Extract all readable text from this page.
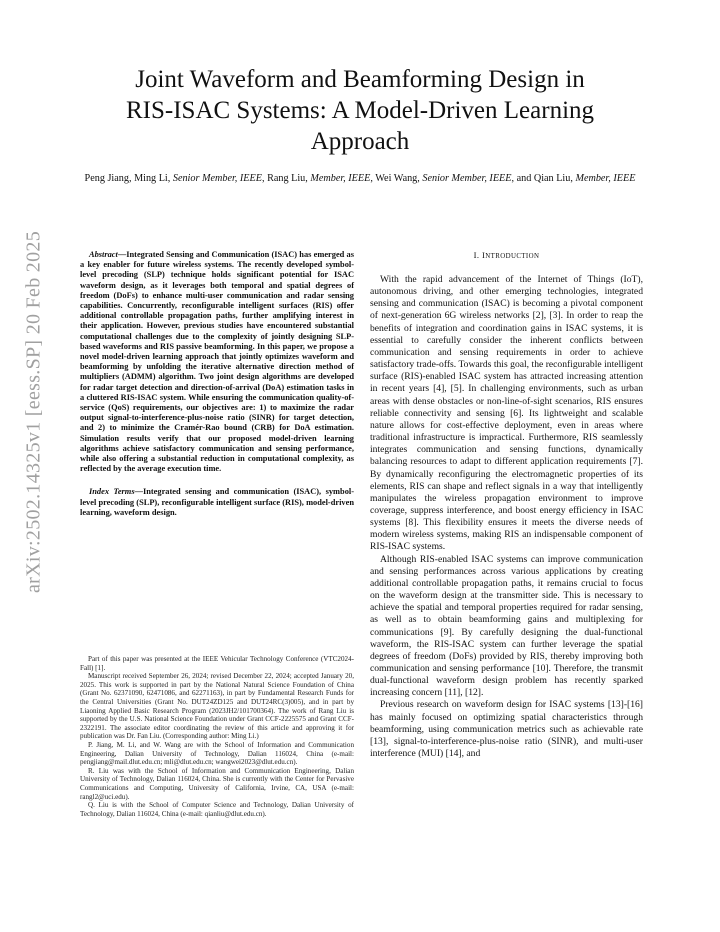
Joint Waveform and Beamforming Design in
RIS-ISAC Systems: A Model-Driven Learning
Approach
Peng Jiang, Ming Li, Senior Member, IEEE, Rang Liu, Member, IEEE, Wei Wang, Senior Member, IEEE, and Qian Liu, Member, IEEE
arXiv:2502.14325v1 [eess.SP] 20 Feb 2025	Abstract—Integrated Sensing and Communication (ISAC) has emerged as a key enabler for future wireless systems. The recently developed symbol-level precoding (SLP) technique holds significant potential for ISAC waveform design, as it leverages both temporal and spatial degrees of freedom (DoFs) to enhance multi-user communication and radar sensing capabilities. Concurrently, reconfigurable intelligent surfaces (RIS) offer additional controllable propagation paths, further amplifying interest in their application. However, previous studies have encountered substantial computational challenges due to the complexity of jointly designing SLP-based waveforms and RIS passive beamforming. In this paper, we propose a novel model-driven learning approach that jointly optimizes waveform and beamforming by unfolding the iterative alternative direction method of multipliers (ADMM) algorithm. Two joint design algorithms are developed for radar target detection and direction-of-arrival (DoA) estimation tasks in a cluttered RIS-ISAC system. While ensuring the communication quality-of-service (QoS) requirements, our objectives are: 1) to maximize the radar output signal-to-interference-plus-noise ratio (SINR) for target detection, and 2) to minimize the Cramér-Rao bound (CRB) for DoA estimation. Simulation results verify that our proposed model-driven learning algorithms achieve satisfactory communication and sensing performance, while also offering a substantial reduction in computational complexity, as reflected by the average execution time.

Index Terms—Integrated sensing and communication (ISAC), symbol-level precoding (SLP), reconfigurable intelligent surface (RIS), model-driven learning, waveform design.

Part of this paper was presented at the IEEE Vehicular Technology Conference (VTC2024-Fall) [1].

Manuscript received September 26, 2024; revised December 22, 2024; accepted January 20, 2025. This work is supported in part by the National Natural Science Foundation of China (Grant No. 62371090, 62471086, and 62271163), in part by Fundamental Research Funds for the Central Universities (Grant No. DUT24ZD125 and DUT24RC(3)005), and in part by Liaoning Applied Basic Research Program (2023JH2/101700364). The work of Rang Liu is supported by the U.S. National Science Foundation under Grant CCF-2225575 and Grant CCF-2322191. The associate editor coordinating the review of this article and approving it for publication was Dr. Fan Liu. (Corresponding author: Ming Li.)

P. Jiang, M. Li, and W. Wang are with the School of Information and Communication Engineering, Dalian University of Technology, Dalian 116024, China (e-mail: pengjiang@mail.dlut.edu.cn; mli@dlut.edu.cn; wangwei2023@dlut.edu.cn).

R. Liu was with the School of Information and Communication Engineering, Dalian University of Technology, Dalian 116024, China. She is currently with the Center for Pervasive Communications and Computing, University of California, Irvine, CA, USA (e-mail: rangl2@uci.edu).

Q. Liu is with the School of Computer Science and Technology, Dalian University of Technology, Dalian 116024, China (e-mail: qianliu@dlut.edu.cn).

I. INTRODUCTION

With the rapid advancement of the Internet of Things (IoT), autonomous driving, and other emerging technologies, integrated sensing and communication (ISAC) is becoming a pivotal component of next-generation 6G wireless networks [2], [3]. In order to reap the benefits of integration and coordination gains in ISAC systems, it is essential to carefully consider the inherent conflicts between communication and sensing requirements in order to achieve satisfactory trade-offs. Towards this goal, the reconfigurable intelligent surface (RIS)-enabled ISAC system has attracted increasing attention in recent years [4], [5]. In challenging environments, such as urban areas with dense obstacles or non-line-of-sight scenarios, RIS ensures reliable connectivity and sensing [6]. Its lightweight and scalable nature allows for cost-effective deployment, even in areas where traditional infrastructure is impractical. Furthermore, RIS seamlessly integrates communication and sensing functions, dynamically balancing resources to adapt to different application requirements [7]. By dynamically reconfiguring the electromagnetic properties of its elements, RIS can shape and reflect signals in a way that intelligently manipulates the wireless propagation environment to improve coverage, suppress interference, and boost energy efficiency in ISAC systems [8]. This flexibility ensures it meets the diverse needs of modern wireless systems, making RIS an indispensable component of RIS-ISAC systems.

Although RIS-enabled ISAC systems can improve communication and sensing performances across various applications by creating additional controllable propagation paths, it remains crucial to focus on the waveform design at the transmitter side. This is necessary to achieve the spatial and temporal properties required for radar sensing, as well as to obtain beamforming gains and multiplexing for communications [9]. By carefully designing the dual-functional waveform, the RIS-ISAC system can further leverage the spatial degrees of freedom (DoFs) provided by RIS, thereby improving both communication and sensing performance [10]. Therefore, the transmit dual-functional waveform design problem has recently sparked increasing concern [11], [12].

Previous research on waveform design for ISAC systems [13]-[16] has mainly focused on optimizing spatial characteristics through beamforming, using communication metrics such as achievable rate [13], signal-to-interference-plus-noise ratio (SINR), and multi-user interference (MUI) [14], and
